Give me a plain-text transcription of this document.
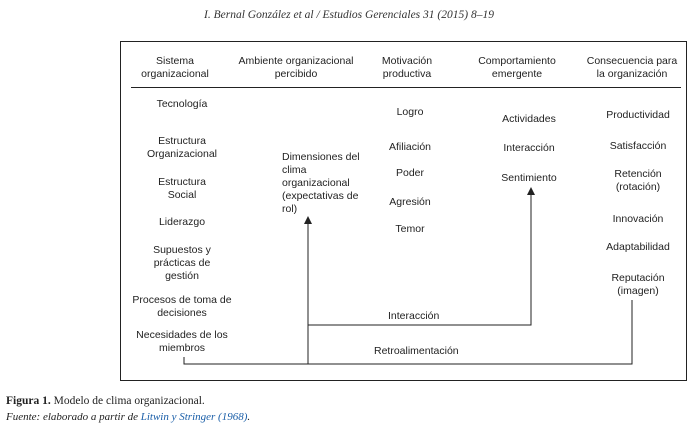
I. Bernal González et al / Estudios Gerenciales 31 (2015) 8–19
Sistema organizacional
Ambiente organizacional percibido
Motivación productiva
Comportamiento emergente
Consecuencia para la organización
Tecnología
Estructura Organizacional
Estructura Social
Liderazgo
Supuestos y prácticas de gestión
Procesos de toma de decisiones
Necesidades de los miembros
Dimensiones del clima organizacional (expectativas de rol)
Logro
Afiliación
Poder
Agresión
Temor
Actividades
Interacción
Sentimiento
Productividad
Satisfacción
Retención (rotación)
Innovación
Adaptabilidad
Reputación (imagen)
Interacción
Retroalimentación
Figura 1. Modelo de clima organizacional.
Fuente: elaborado a partir de Litwin y Stringer (1968).
